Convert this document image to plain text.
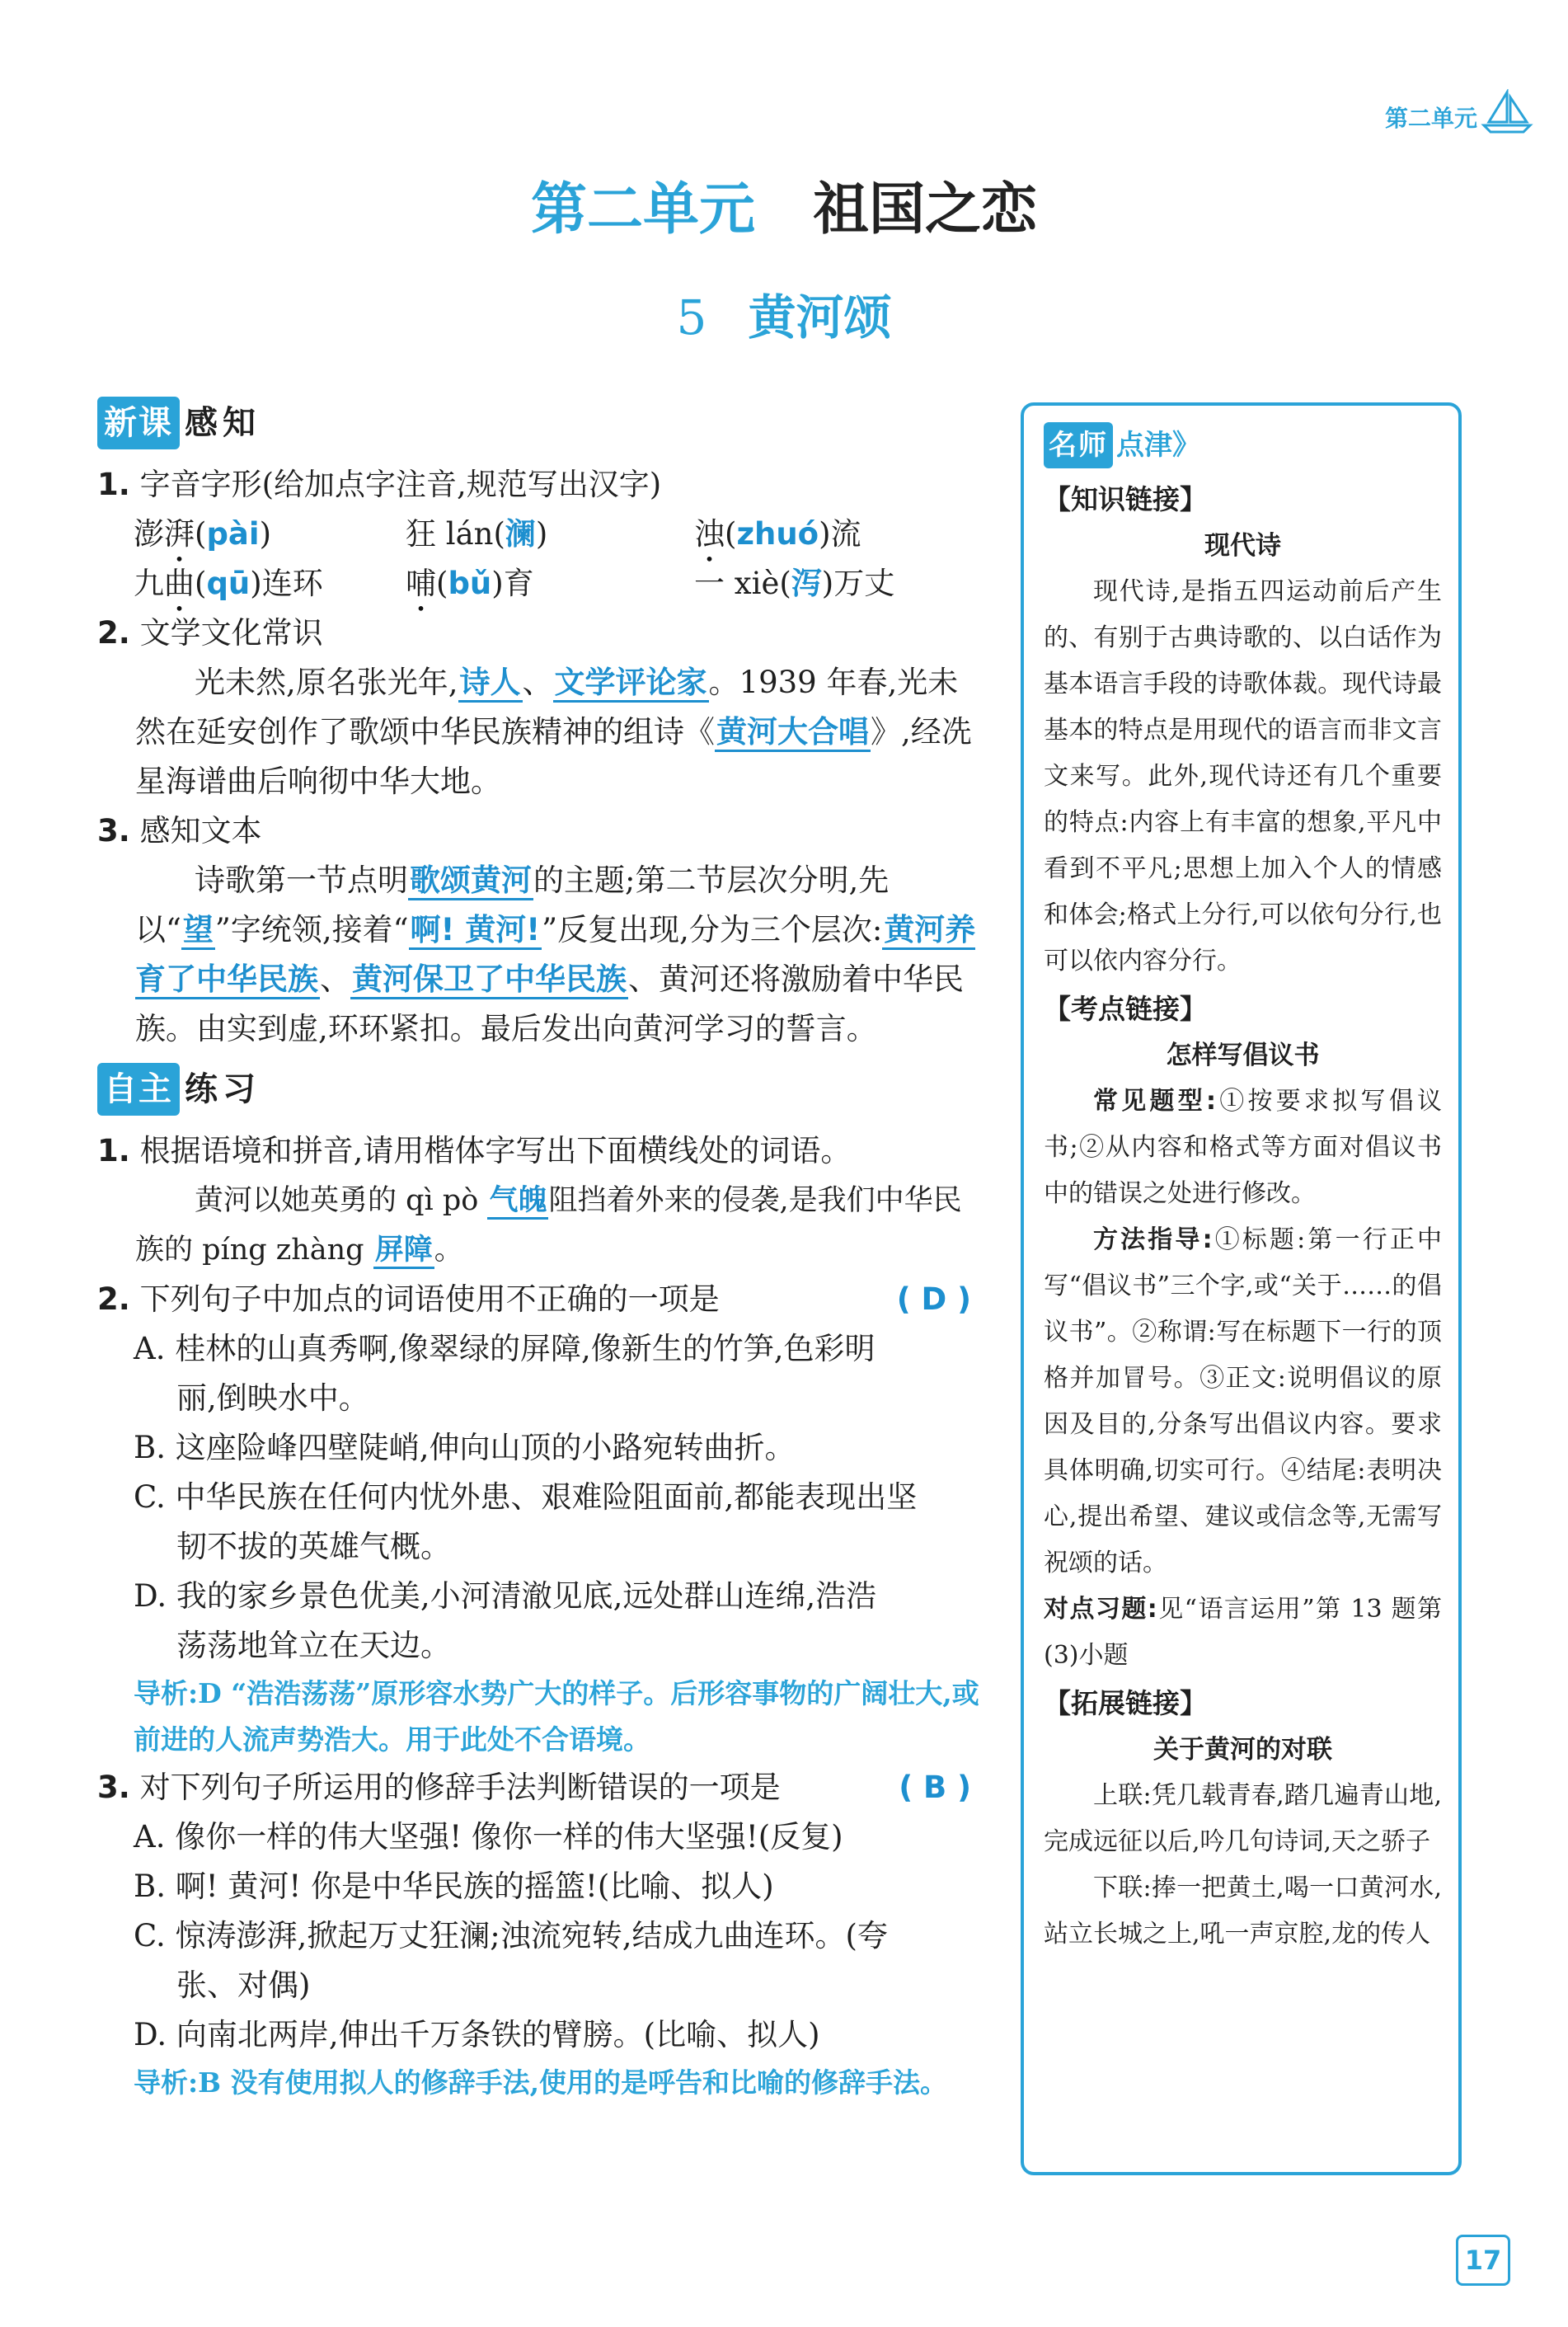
第二单元
第二单元 祖国之恋
5 黄河颂
新课 感知
1. 字音字形(给加点字注音,规范写出汉字)
澎湃(pài)	狂 lán(澜)	浊(zhuó)流
九曲(qū)连环	哺(bǔ)育	一 xiè(泻)万丈
2. 文学文化常识
光未然,原名张光年,诗人、文学评论家。1939 年春,光未然在延安创作了歌颂中华民族精神的组诗《黄河大合唱》,经冼星海谱曲后响彻中华大地。
3. 感知文本
诗歌第一节点明歌颂黄河的主题;第二节层次分明,先以“望”字统领,接着“啊! 黄河!”反复出现,分为三个层次:黄河养育了中华民族、黄河保卫了中华民族、黄河还将激励着中华民族。由实到虚,环环紧扣。最后发出向黄河学习的誓言。
自主 练习
1. 根据语境和拼音,请用楷体字写出下面横线处的词语。
黄河以她英勇的 qì pò 气魄阻挡着外来的侵袭,是我们中华民族的 píng zhàng 屏障。
2. 下列句子中加点的词语使用不正确的一项是	( D )
A. 桂林的山真秀啊,像翠绿的屏障,像新生的竹笋,色彩明
丽,倒映水中。
B. 这座险峰四壁陡峭,伸向山顶的小路宛转曲折。
C. 中华民族在任何内忧外患、艰难险阻面前,都能表现出坚
韧不拔的英雄气概。
D. 我的家乡景色优美,小河清澈见底,远处群山连绵,浩浩
荡荡地耸立在天边。
导析:D “浩浩荡荡”原形容水势广大的样子。后形容事物的广阔壮大,或前进的人流声势浩大。用于此处不合语境。
3. 对下列句子所运用的修辞手法判断错误的一项是	( B )
A. 像你一样的伟大坚强! 像你一样的伟大坚强!(反复)
B. 啊! 黄河! 你是中华民族的摇篮!(比喻、拟人)
C. 惊涛澎湃,掀起万丈狂澜;浊流宛转,结成九曲连环。(夸
张、对偶)
D. 向南北两岸,伸出千万条铁的臂膀。(比喻、拟人)
导析:B 没有使用拟人的修辞手法,使用的是呼告和比喻的修辞手法。
名师 点津》
【知识链接】
现代诗

现代诗,是指五四运动前后产生的、有别于古典诗歌的、以白话作为基本语言手段的诗歌体裁。现代诗最基本的特点是用现代的语言而非文言文来写。此外,现代诗还有几个重要的特点:内容上有丰富的想象,平凡中看到不平凡;思想上加入个人的情感和体会;格式上分行,可以依句分行,也可以依内容分行。

【考点链接】
怎样写倡议书

常见题型:①按要求拟写倡议书;②从内容和格式等方面对倡议书中的错误之处进行修改。

方法指导:①标题:第一行正中写“倡议书”三个字,或“关于……的倡议书”。②称谓:写在标题下一行的顶格并加冒号。③正文:说明倡议的原因及目的,分条写出倡议内容。要求具体明确,切实可行。④结尾:表明决心,提出希望、建议或信念等,无需写祝颂的话。

对点习题:见“语言运用”第 13 题第(3)小题

【拓展链接】
关于黄河的对联

上联:凭几载青春,踏几遍青山地,完成远征以后,吟几句诗词,天之骄子

下联:捧一把黄土,喝一口黄河水,站立长城之上,吼一声京腔,龙的传人

17
